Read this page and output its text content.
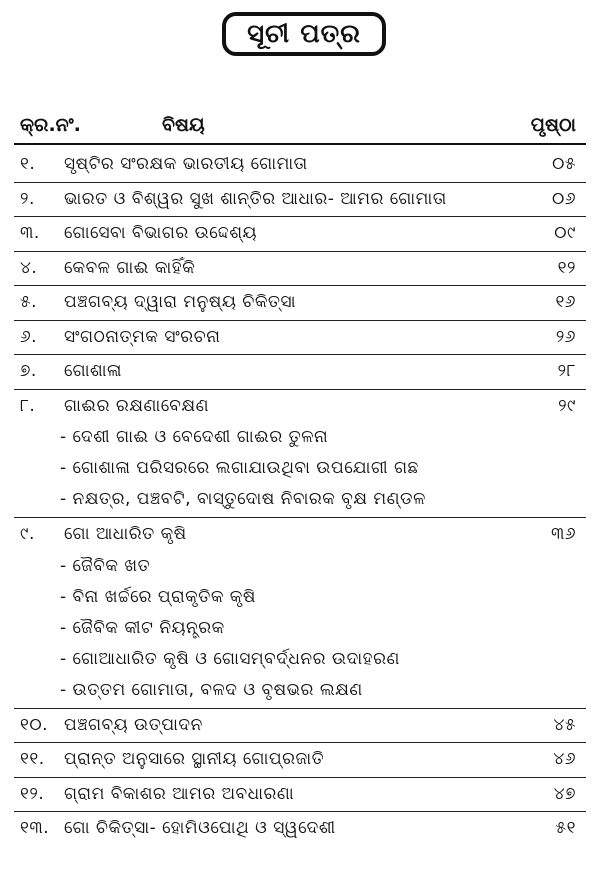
ସୂଚୀ ପତ୍ର
କ୍ର.ନଂ.	ବିଷୟ	ପୃଷ୍ଠା
୧. ସୃଷ୍ଟିର ସଂରକ୍ଷକ ଭାରତୀୟ ଗୋମାତା	୦୫
୨. ଭାରତ ଓ ବିଶ୍ୱର ସୁଖ ଶାନ୍ତିର ଆଧାର- ଆମର ଗୋମାତା	୦୬
୩. ଗୋସେବା ବିଭାଗର ଉଦ୍ଦେଶ୍ୟ	୦୯
୪. କେବଳ ଗାଈ କାହିଁକି	୧୨
୫. ପଞ୍ଚଗବ୍ୟ ଦ୍ୱାରା ମନୁଷ୍ୟ ଚିକିତ୍ସା	୧୬
୬. ସଂଗଠନାତ୍ମକ ସଂରଚନା	୨୬
୭. ଗୋଶାଳା	୨୮
୮. ଗାଈର ରକ୍ଷଣାବେକ୍ଷଣ	୨୯
- ଦେଶୀ ଗାଈ ଓ ବେଦେଶୀ ଗାଈର ତୁଳନା
- ଗୋଶାଳା ପରିସରରେ ଲଗାଯାଉଥିବା ଉପଯୋଗୀ ଗଛ
- ନକ୍ଷତ୍ର, ପଞ୍ଚବଟି, ବାସ୍ତୁଦୋଷ ନିବାରକ ବୃକ୍ଷ ମଣ୍ଡଳ
୯. ଗୋ ଆଧାରିତ କୃଷି	୩୬
- ଜୈବିକ ଖତ
- ବିନା ଖର୍ଚ୍ଚରେ ପ୍ରାକୃତିକ କୃଷି
- ଜୈବିକ କୀଟ ନିୟନ୍ତ୍ରକ
- ଗୋଆଧାରିତ କୃଷି ଓ ଗୋସମ୍ବର୍ଦ୍ଧନର ଉଦାହରଣ
- ଉତ୍ତମ ଗୋମାତା, ବଳଦ ଓ ବୃଷଭର ଲକ୍ଷଣ
୧୦. ପଞ୍ଚଗବ୍ୟ ଉତ୍ପାଦନ	୪୫
୧୧. ପ୍ରାନ୍ତ ଅନୁସାରେ ସ୍ଥାନୀୟ ଗୋପ୍ରଜାତି	୪୬
୧୨. ଗ୍ରାମ ବିକାଶର ଆମର ଅବଧାରଣା	୪୭
୧୩. ଗୋ ଚିକିତ୍ସା- ହୋମିଓପୋଥି ଓ ସ୍ୱଦେଶୀ	୫୧
